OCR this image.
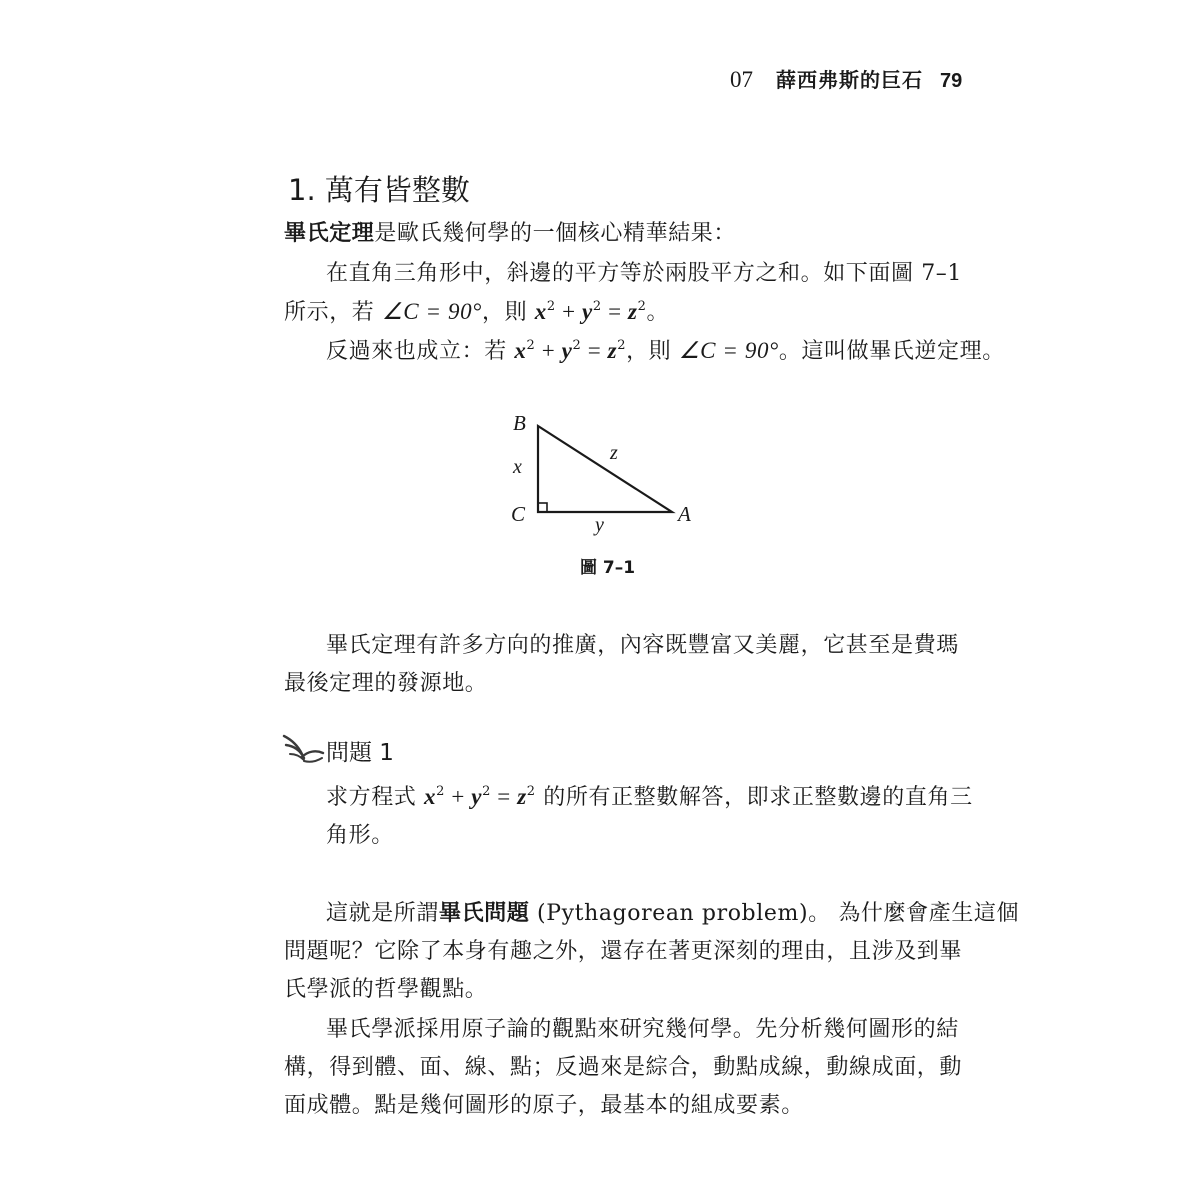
07 薛西弗斯的巨石 79
1. 萬有皆整數
畢氏定理是歐氏幾何學的一個核心精華結果：
在直角三角形中，斜邊的平方等於兩股平方之和。如下面圖 7–1
所示，若 ∠C = 90°，則 $x^2 + y^2 = z^2$。
反過來也成立：若 $x^2 + y^2 = z^2$，則 ∠C = 90°。這叫做畢氏逆定理。
B
C	A
x
y
z
圖 7–1
畢氏定理有許多方向的推廣，內容既豐富又美麗，它甚至是費瑪
最後定理的發源地。
問題 1
求方程式 $x^2 + y^2 = z^2$ 的所有正整數解答，即求正整數邊的直角三
角形。
這就是所謂畢氏問題 (Pythagorean problem)。 為什麼會產生這個
問題呢？它除了本身有趣之外，還存在著更深刻的理由，且涉及到畢
氏學派的哲學觀點。
畢氏學派採用原子論的觀點來研究幾何學。先分析幾何圖形的結
構，得到體、面、線、點；反過來是綜合，動點成線，動線成面，動
面成體。點是幾何圖形的原子，最基本的組成要素。
